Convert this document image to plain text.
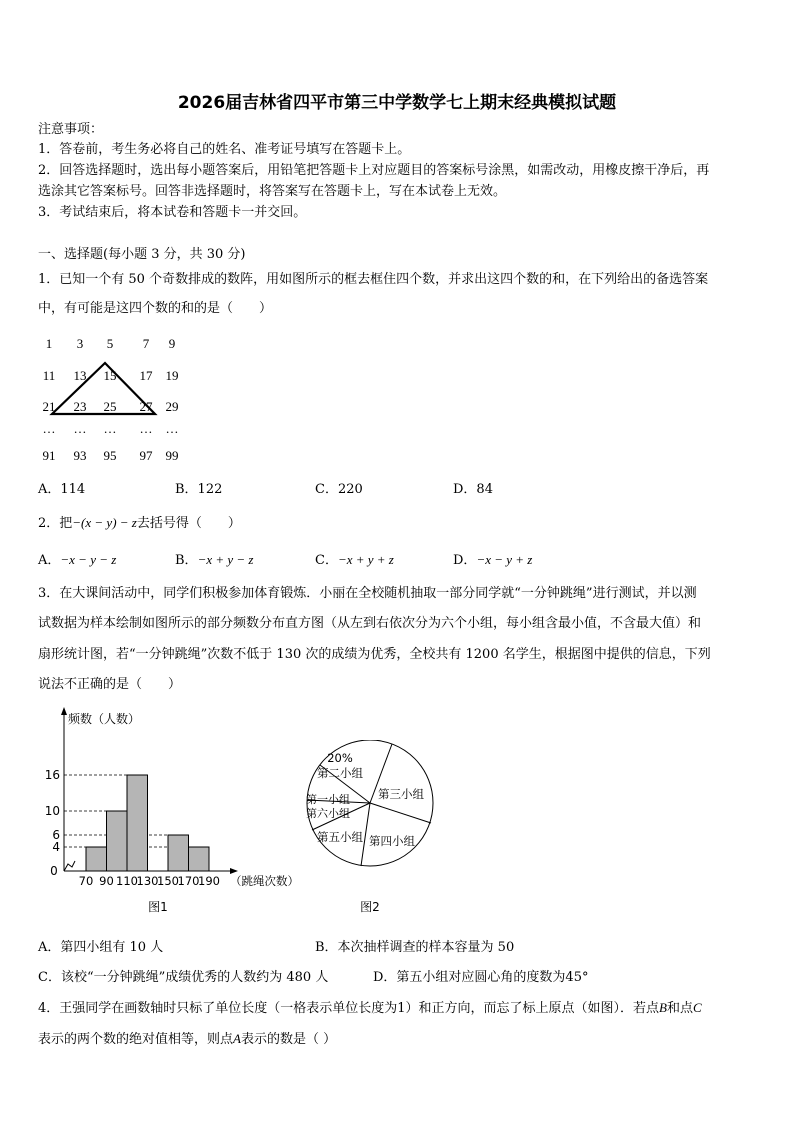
2026届吉林省四平市第三中学数学七上期末经典模拟试题
注意事项：
1．答卷前，考生务必将自己的姓名、准考证号填写在答题卡上。
2．回答选择题时，选出每小题答案后，用铅笔把答题卡上对应题目的答案标号涂黑，如需改动，用橡皮擦干净后，再
选涂其它答案标号。回答非选择题时，将答案写在答题卡上，写在本试卷上无效。
3．考试结束后，将本试卷和答题卡一并交回。
一、选择题(每小题 3 分，共 30 分)
1．已知一个有 50 个奇数排成的数阵，用如图所示的框去框住四个数，并求出这四个数的和，在下列给出的备选答案
中，有可能是这四个数的和的是（　　）
1 3 5 7 9
11 13 15 17 19
21 23 25 27 29
… … … … …
91 93 95 97 99
A．114	B．122	C．220	D．84
2．把−(x − y) − z去括号得（　　）
A．−x − y − z	B．−x + y − z	C．−x + y + z	D．−x − y + z
3．在大课间活动中，同学们积极参加体育锻炼．小丽在全校随机抽取一部分同学就“一分钟跳绳”进行测试，并以测
试数据为样本绘制如图所示的部分频数分布直方图（从左到右依次分为六个小组，每小组含最小值，不含最大值）和
扇形统计图，若“一分钟跳绳”次数不低于 130 次的成绩为优秀，全校共有 1200 名学生，根据图中提供的信息，下列
说法不正确的是（　　）
0
4
6
10
16
70 90 110
130
150
170
190
频数（人数）
（跳绳次数）
图1
20%
第二小组
第三小组
第一小组
第六小组
第四小组
第五小组
图2
A．第四小组有 10 人	B．本次抽样调查的样本容量为 50
C．该校“一分钟跳绳”成绩优秀的人数约为 480 人	D．第五小组对应圆心角的度数为45°
4．王强同学在画数轴时只标了单位长度（一格表示单位长度为1）和正方向，而忘了标上原点（如图）．若点B和点C
表示的两个数的绝对值相等，则点A表示的数是（ ）
